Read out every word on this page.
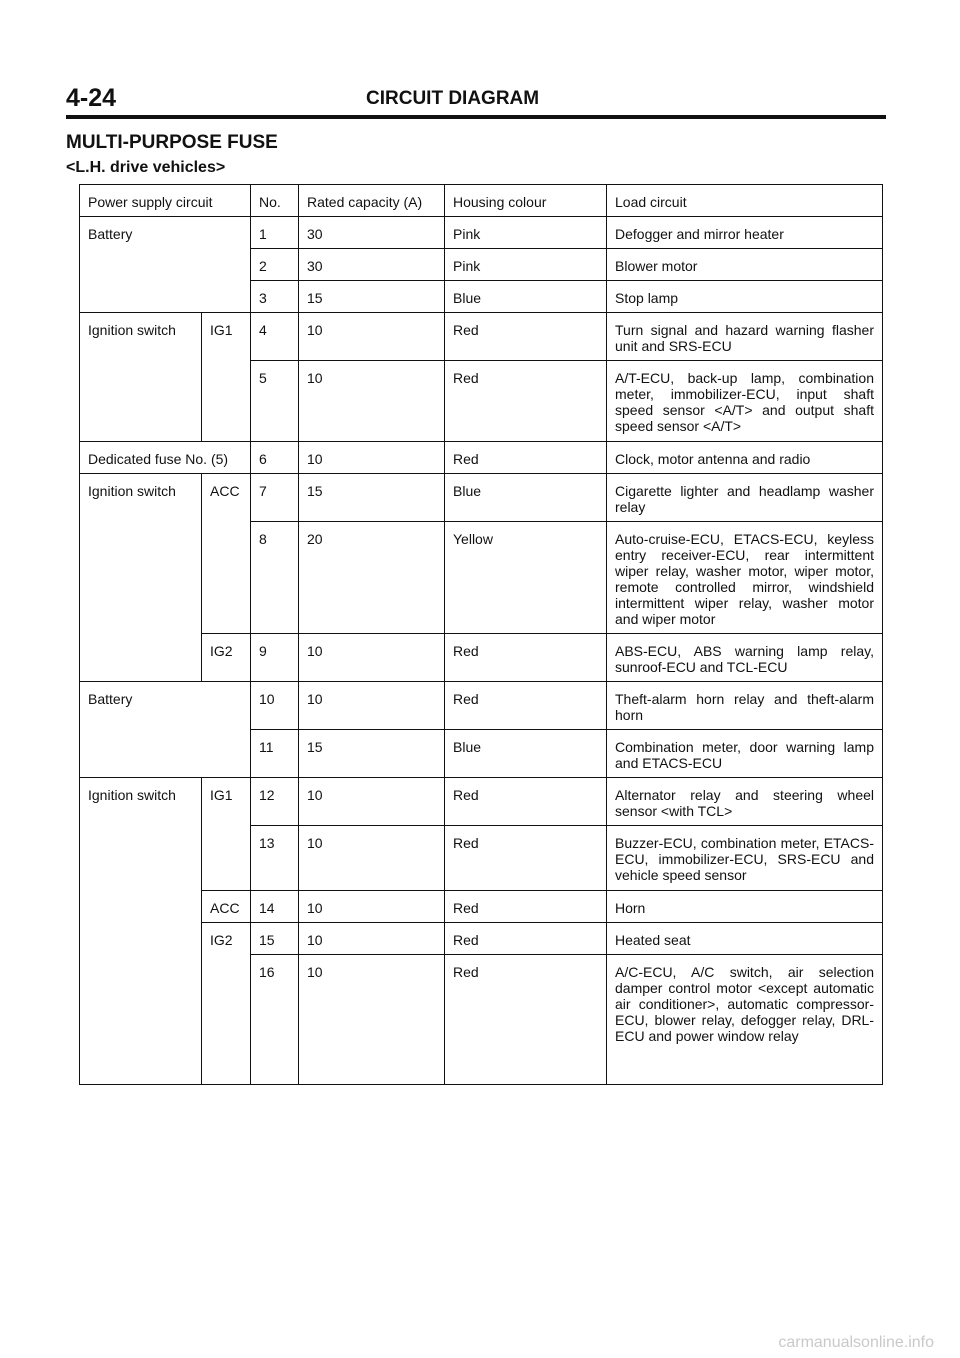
4-24	CIRCUIT DIAGRAM
MULTI-PURPOSE FUSE
<L.H. drive vehicles>
Power supply circuit		No.	Rated capacity (A)	Housing colour	Load circuit
Battery		1	30	Pink	Defogger and mirror heater
		2	30	Pink	Blower motor
		3	15	Blue	Stop lamp
Ignition switch	IG1	4	10	Red	Turn signal and hazard warning flasher unit and SRS-ECU
		5	10	Red	A/T-ECU, back-up lamp, combination meter, immobilizer-ECU, input shaft speed sensor <A/T> and output shaft speed sensor <A/T>
Dedicated fuse No. (5)		6	10	Red	Clock, motor antenna and radio
Ignition switch	ACC	7	15	Blue	Cigarette lighter and headlamp washer relay
		8	20	Yellow	Auto-cruise-ECU, ETACS-ECU, keyless entry receiver-ECU, rear intermittent wiper relay, washer motor, wiper motor, remote controlled mirror, windshield intermittent wiper relay, washer motor and wiper motor
	IG2	9	10	Red	ABS-ECU, ABS warning lamp relay, sunroof-ECU and TCL-ECU
Battery		10	10	Red	Theft-alarm horn relay and theft-alarm horn
		11	15	Blue	Combination meter, door warning lamp and ETACS-ECU
Ignition switch	IG1	12	10	Red	Alternator relay and steering wheel sensor <with TCL>
		13	10	Red	Buzzer-ECU, combination meter, ETACS-ECU, immobilizer-ECU, SRS-ECU and vehicle speed sensor
	ACC	14	10	Red	Horn
	IG2	15	10	Red	Heated seat
		16	10	Red	A/C-ECU, A/C switch, air selection damper control motor <except automatic air conditioner>, automatic compressor-ECU, blower relay, defogger relay, DRL-ECU and power window relay
carmanualsonline.info
